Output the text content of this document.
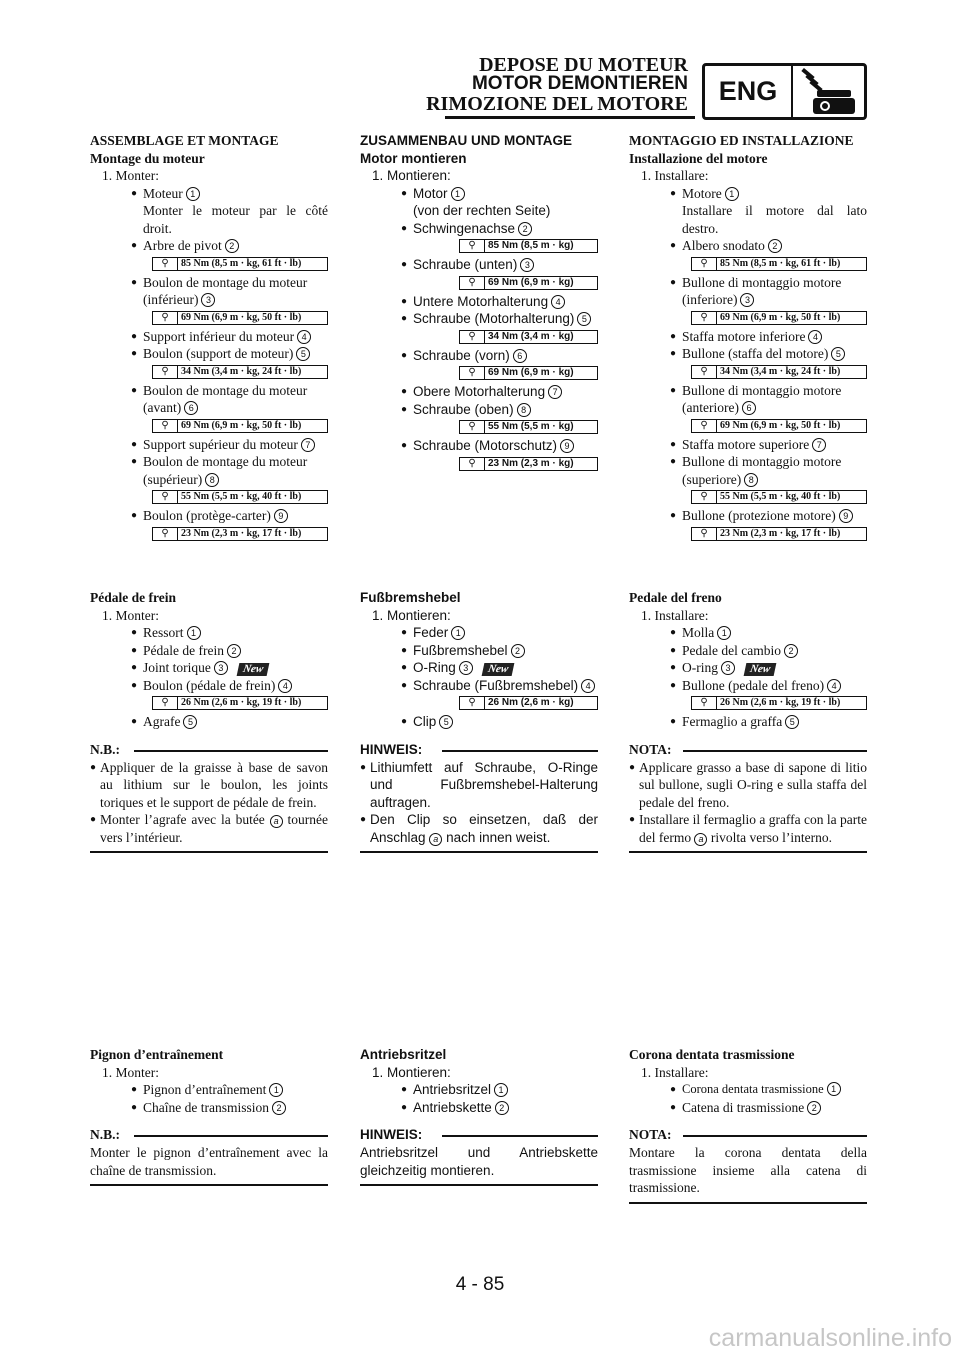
DEPOSE DU MOTEUR
MOTOR DEMONTIEREN
RIMOZIONE DEL MOTORE	ENG
ASSEMBLAGE ET MONTAGE
Montage du moteur
1. Monter:
● Moteur 1
Monter le moteur par le côté droit.
● Arbre de pivot 2
⚲	85 Nm (8,5 m · kg, 61 ft · lb)
● Boulon de montage du moteur (inférieur) 3
⚲	69 Nm (6,9 m · kg, 50 ft · lb)
● Support inférieur du moteur 4
● Boulon (support de moteur) 5
⚲	34 Nm (3,4 m · kg, 24 ft · lb)
● Boulon de montage du moteur (avant) 6
⚲	69 Nm (6,9 m · kg, 50 ft · lb)
● Support supérieur du moteur 7
● Boulon de montage du moteur (supérieur) 8
⚲	55 Nm (5,5 m · kg, 40 ft · lb)
● Boulon (protège-carter) 9
⚲	23 Nm (2,3 m · kg, 17 ft · lb)
Pédale de frein
1. Monter:
● Ressort 1
● Pédale de frein 2
● Joint torique 3 New
● Boulon (pédale de frein) 4
⚲	26 Nm (2,6 m · kg, 19 ft · lb)
● Agrafe 5
N.B.:
● Appliquer de la graisse à base de savon au lithium sur le boulon, les joints toriques et le support de pédale de frein.
● Monter l’agrafe avec la butée a tournée vers l’intérieur.
Pignon d’entraînement
1. Monter:
● Pignon d’entraînement 1
● Chaîne de transmission 2
N.B.:
Monter le pignon d’entraînement avec la chaîne de transmission.
ZUSAMMENBAU UND MONTAGE
Motor montieren
1. Montieren:
● Motor 1
(von der rechten Seite)
● Schwingenachse 2
⚲	85 Nm (8,5 m · kg)
● Schraube (unten) 3
⚲	69 Nm (6,9 m · kg)
● Untere Motorhalterung 4
● Schraube (Motorhalterung) 5
⚲	34 Nm (3,4 m · kg)
● Schraube (vorn) 6
⚲	69 Nm (6,9 m · kg)
● Obere Motorhalterung 7
● Schraube (oben) 8
⚲	55 Nm (5,5 m · kg)
● Schraube (Motorschutz) 9
⚲	23 Nm (2,3 m · kg)
Fußbremshebel
1. Montieren:
● Feder 1
● Fußbremshebel 2
● O-Ring 3 New
● Schraube (Fußbremshebel) 4
⚲	26 Nm (2,6 m · kg)
● Clip 5
HINWEIS:
● Lithiumfett auf Schraube, O-Ringe und Fußbremshebel-Halterung auftragen.
● Den Clip so einsetzen, daß der Anschlag a nach innen weist.
Antriebsritzel
1. Montieren:
● Antriebsritzel 1
● Antriebskette 2
HINWEIS:
Antriebsritzel und Antriebskette gleichzeitig montieren.
MONTAGGIO ED INSTALLAZIONE
Installazione del motore
1. Installare:
● Motore 1
Installare il motore dal lato destro.
● Albero snodato 2
⚲	85 Nm (8,5 m · kg, 61 ft · lb)
● Bullone di montaggio motore (inferiore) 3
⚲	69 Nm (6,9 m · kg, 50 ft · lb)
● Staffa motore inferiore 4
● Bullone (staffa del motore) 5
⚲	34 Nm (3,4 m · kg, 24 ft · lb)
● Bullone di montaggio motore (anteriore) 6
⚲	69 Nm (6,9 m · kg, 50 ft · lb)
● Staffa motore superiore 7
● Bullone di montaggio motore (superiore) 8
⚲	55 Nm (5,5 m · kg, 40 ft · lb)
● Bullone (protezione motore) 9
⚲	23 Nm (2,3 m · kg, 17 ft · lb)
Pedale del freno
1. Installare:
● Molla 1
● Pedale del cambio 2
● O-ring 3 New
● Bullone (pedale del freno) 4
⚲	26 Nm (2,6 m · kg, 19 ft · lb)
● Fermaglio a graffa 5
NOTA:
● Applicare grasso a base di sapone di litio sul bullone, sugli O-ring e sulla staffa del pedale del freno.
● Installare il fermaglio a graffa con la parte del fermo a rivolta verso l’interno.
Corona dentata trasmissione
1. Installare:
● Corona dentata trasmissione 1
● Catena di trasmissione 2
NOTA:
Montare la corona dentata della trasmissione insieme alla catena di trasmissione.
4 - 85
carmanualsonline.info
